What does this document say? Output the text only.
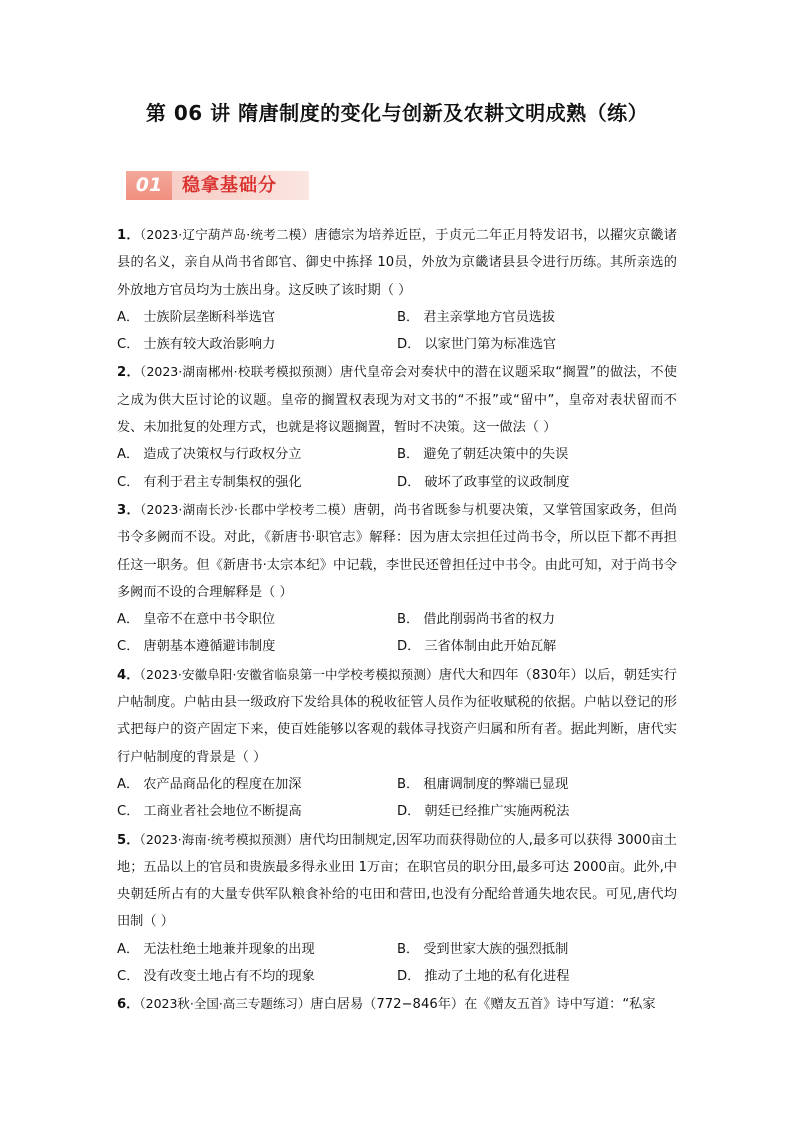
第 06 讲 隋唐制度的变化与创新及农耕文明成熟（练）
01	稳拿基础分

1．（2023·辽宁葫芦岛·统考二模）唐德宗为培养近臣，于贞元二年正月特发诏书，以擢灾京畿诸县的名义，亲自从尚书省郎官、御史中拣择 10员，外放为京畿诸县县令进行历练。其所亲选的外放地方官员均为士族出身。这反映了该时期（ ）

A． 士族阶层垄断科举选官	B． 君主亲掌地方官员选拔
C． 士族有较大政治影响力	D． 以家世门第为标准选官

2．（2023·湖南郴州·校联考模拟预测）唐代皇帝会对奏状中的潜在议题采取“搁置”的做法，不使之成为供大臣讨论的议题。皇帝的搁置权表现为对文书的“不报”或“留中”，皇帝对表状留而不发、未加批复的处理方式，也就是将议题搁置，暂时不决策。这一做法（ ）

A． 造成了决策权与行政权分立	B． 避免了朝廷决策中的失误
C． 有利于君主专制集权的强化	D． 破坏了政事堂的议政制度

3．（2023·湖南长沙·长郡中学校考二模）唐朝，尚书省既参与机要决策，又掌管国家政务，但尚书令多阙而不设。对此，《新唐书·职官志》解释：因为唐太宗担任过尚书令，所以臣下都不再担任这一职务。但《新唐书·太宗本纪》中记载，李世民还曾担任过中书令。由此可知，对于尚书令多阙而不设的合理解释是（ ）

A． 皇帝不在意中书令职位	B． 借此削弱尚书省的权力
C． 唐朝基本遵循避讳制度	D． 三省体制由此开始瓦解

4．（2023·安徽阜阳·安徽省临泉第一中学校考模拟预测）唐代大和四年（830年）以后，朝廷实行户帖制度。户帖由县一级政府下发给具体的税收征管人员作为征收赋税的依据。户帖以登记的形式把每户的资产固定下来，使百姓能够以客观的载体寻找资产归属和所有者。据此判断，唐代实行户帖制度的背景是（ ）

A． 农产品商品化的程度在加深	B． 租庸调制度的弊端已显现
C． 工商业者社会地位不断提高	D． 朝廷已经推广实施两税法

5．（2023·海南·统考模拟预测）唐代均田制规定,因军功而获得勋位的人,最多可以获得 3000亩土地；五品以上的官员和贵族最多得永业田 1万亩；在职官员的职分田,最多可达 2000亩。此外,中央朝廷所占有的大量专供军队粮食补给的屯田和营田,也没有分配给普通失地农民。可见,唐代均田制（ ）

A． 无法杜绝土地兼并现象的出现	B． 受到世家大族的强烈抵制
C． 没有改变土地占有不均的现象	D． 推动了土地的私有化进程

6．（2023秋·全国·高三专题练习）唐白居易（772−846年）在《赠友五首》诗中写道：“私家
